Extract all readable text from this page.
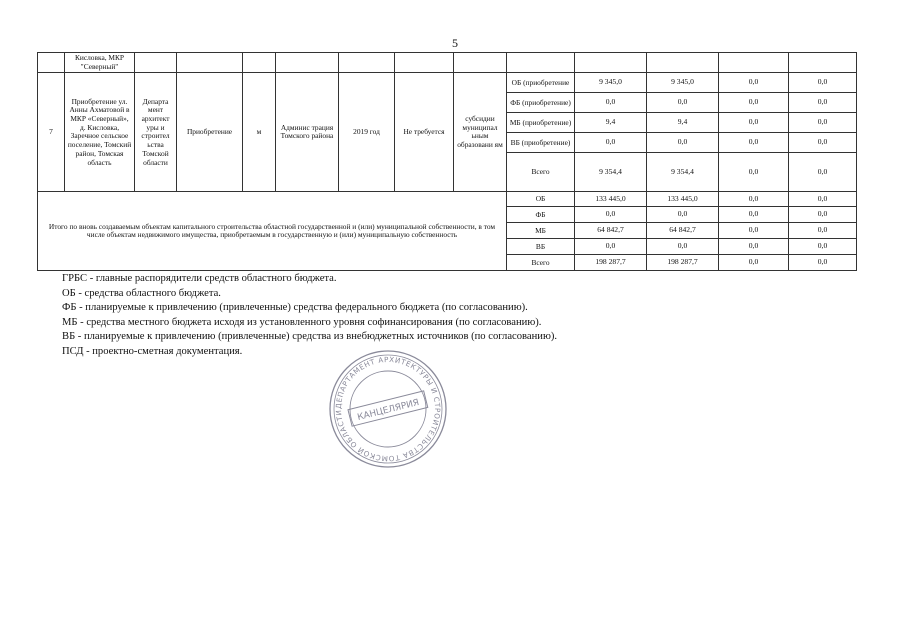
5
	Кисловка, МКР "Северный"												
7	Приобретение ул. Анны Ахматовой в МКР «Северный», д. Кисловка, Заречное сельское поселение, Томский район, Томская область	Департа мент архитект уры и строител ьства Томской области	Приобретение	м	Админис трация Томского района	2019 год	Не требуется	субсидии муниципал ьным образовани ям	ОБ (приобретение	9 345,0	9 345,0	0,0	0,0
									ФБ (приобретение)	0,0	0,0	0,0	0,0
									МБ (приобретение)	9,4	9,4	0,0	0,0
									ВБ (приобретение)	0,0	0,0	0,0	0,0
									Всего	9 354,4	9 354,4	0,0	0,0
Итого по вновь создаваемым объектам капитального строительства областной государственной и (или) муниципальной собственности, в том числе объектам недвижимого имущества, приобретаемым в государственную и (или) муниципальную собственность									ОБ	133 445,0	133 445,0	0,0	0,0
									ФБ	0,0	0,0	0,0	0,0
									МБ	64 842,7	64 842,7	0,0	0,0
									ВБ	0,0	0,0	0,0	0,0
									Всего	198 287,7	198 287,7	0,0	0,0
ГРБС - главные распорядители средств областного бюджета.
ОБ - средства областного бюджета.
ФБ - планируемые к привлечению (привлеченные) средства федерального бюджета (по согласованию).
МБ - средства местного бюджета исходя из установленного уровня софинансирования (по согласованию).
ВБ - планируемые к привлечению (привлеченные) средства из внебюджетных источников (по согласованию).
ПСД - проектно-сметная документация.
ДЕПАРТАМЕНТ АРХИТЕКТУРЫ И СТРОИТЕЛЬСТВА ТОМСКОЙ ОБЛАСТИ	КАНЦЕЛЯРИЯ
